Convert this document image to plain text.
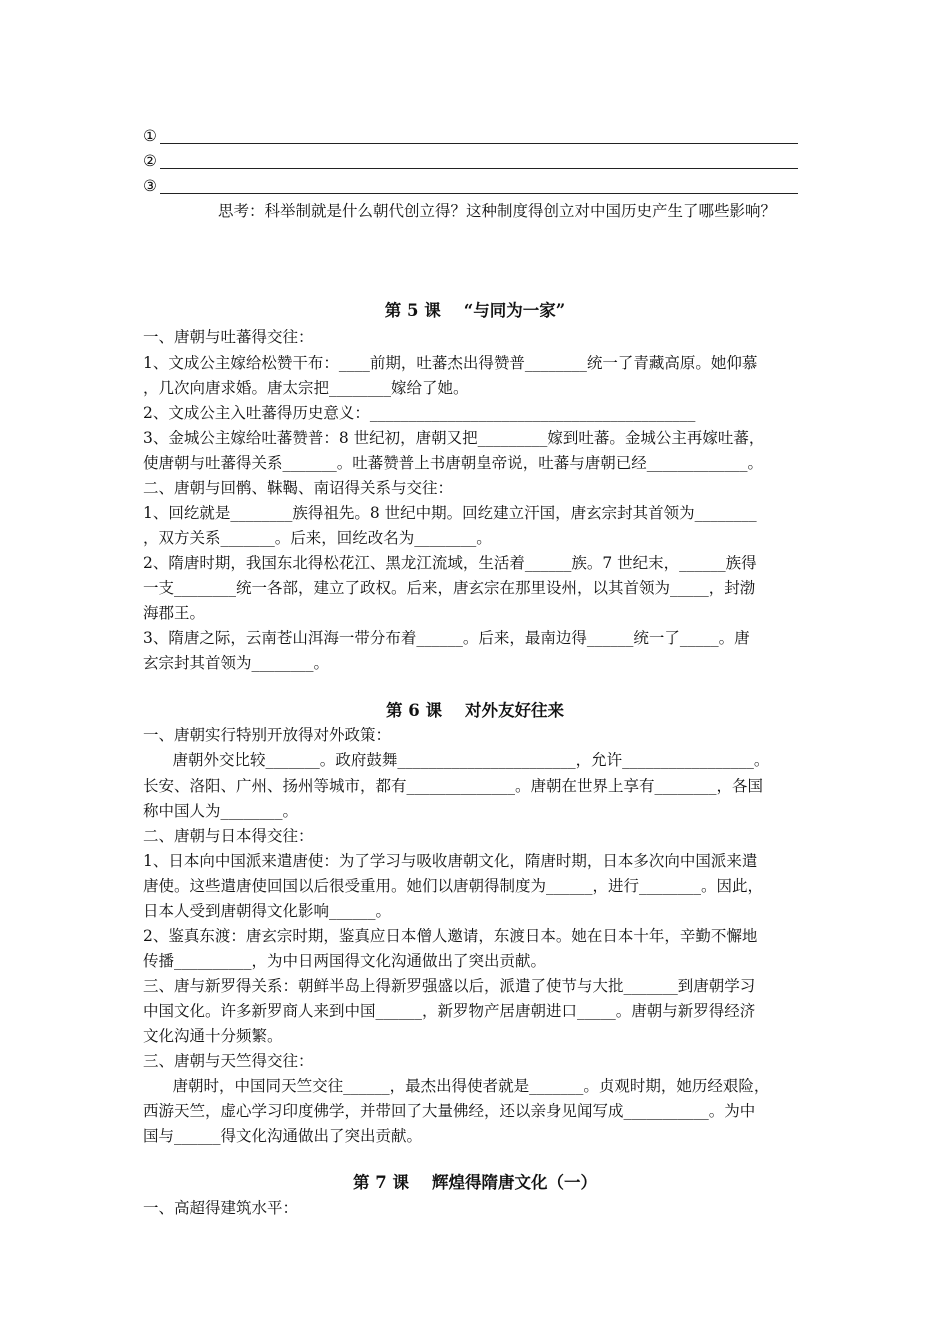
①
②
③
思考：科举制就是什么朝代创立得？这种制度得创立对中国历史产生了哪些影响？
第 5 课    “与同为一家”
一、唐朝与吐蕃得交往：
1、文成公主嫁给松赞干布：____前期，吐蕃杰出得赞普________统一了青藏高原。她仰慕
，几次向唐求婚。唐太宗把________嫁给了她。
2、文成公主入吐蕃得历史意义：__________________________________________
3、金城公主嫁给吐蕃赞普：8 世纪初，唐朝又把_________嫁到吐蕃。金城公主再嫁吐蕃，
使唐朝与吐蕃得关系_______。吐蕃赞普上书唐朝皇帝说，吐蕃与唐朝已经_____________。
二、唐朝与回鹘、靺鞨、南诏得关系与交往：
1、回纥就是________族得祖先。8 世纪中期。回纥建立汗国，唐玄宗封其首领为________
，双方关系_______。后来，回纥改名为________。
2、隋唐时期，我国东北得松花江、黑龙江流域，生活着______族。7 世纪末，______族得
一支________统一各部，建立了政权。后来，唐玄宗在那里设州，以其首领为_____，封渤
海郡王。
3、隋唐之际，云南苍山洱海一带分布着______。后来，最南边得______统一了_____。唐
玄宗封其首领为________。
第 6 课    对外友好往来
一、唐朝实行特别开放得对外政策：
唐朝外交比较_______。政府鼓舞_______________________，允许_________________。
长安、洛阳、广州、扬州等城市，都有______________。唐朝在世界上享有________，各国
称中国人为________。
二、唐朝与日本得交往：
1、日本向中国派来遣唐使：为了学习与吸收唐朝文化，隋唐时期，日本多次向中国派来遣
唐使。这些遣唐使回国以后很受重用。她们以唐朝得制度为______，进行________。因此，
日本人受到唐朝得文化影响______。
2、鉴真东渡：唐玄宗时期，鉴真应日本僧人邀请，东渡日本。她在日本十年，辛勤不懈地
传播__________，为中日两国得文化沟通做出了突出贡献。
三、唐与新罗得关系：朝鲜半岛上得新罗强盛以后，派遣了使节与大批_______到唐朝学习
中国文化。许多新罗商人来到中国______，新罗物产居唐朝进口_____。唐朝与新罗得经济
文化沟通十分频繁。
三、唐朝与天竺得交往：
唐朝时，中国同天竺交往______，最杰出得使者就是_______。贞观时期，她历经艰险，
西游天竺，虚心学习印度佛学，并带回了大量佛经，还以亲身见闻写成___________。为中
国与______得文化沟通做出了突出贡献。
第 7 课    辉煌得隋唐文化（一）
一、高超得建筑水平：
